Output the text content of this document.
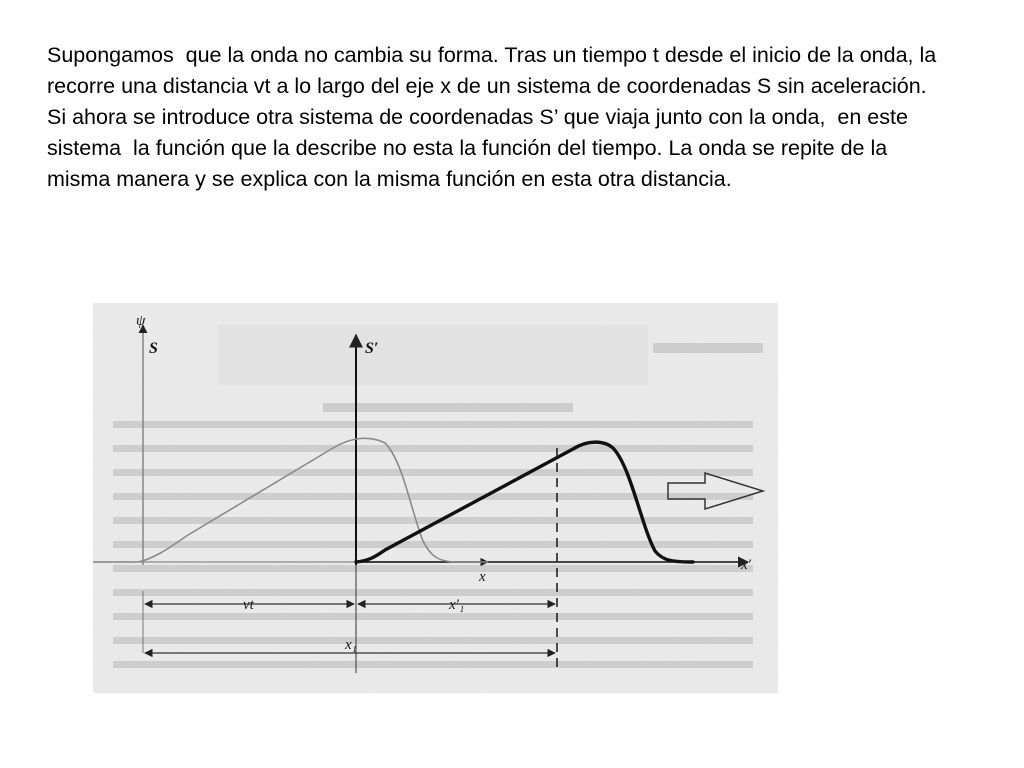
Supongamos  que la onda no cambia su forma. Tras un tiempo t desde el inicio de la onda, la recorre una distancia vt a lo largo del eje x de un sistema de coordenadas S sin aceleración.

Si ahora se introduce otra sistema de coordenadas S’ que viaja junto con la onda,  en este sistema  la función que la describe no esta la función del tiempo. La onda se repite de la misma manera y se explica con la misma función en esta otra distancia.

ψ
S	S′
x
x′
vt	x′₁
x₁
